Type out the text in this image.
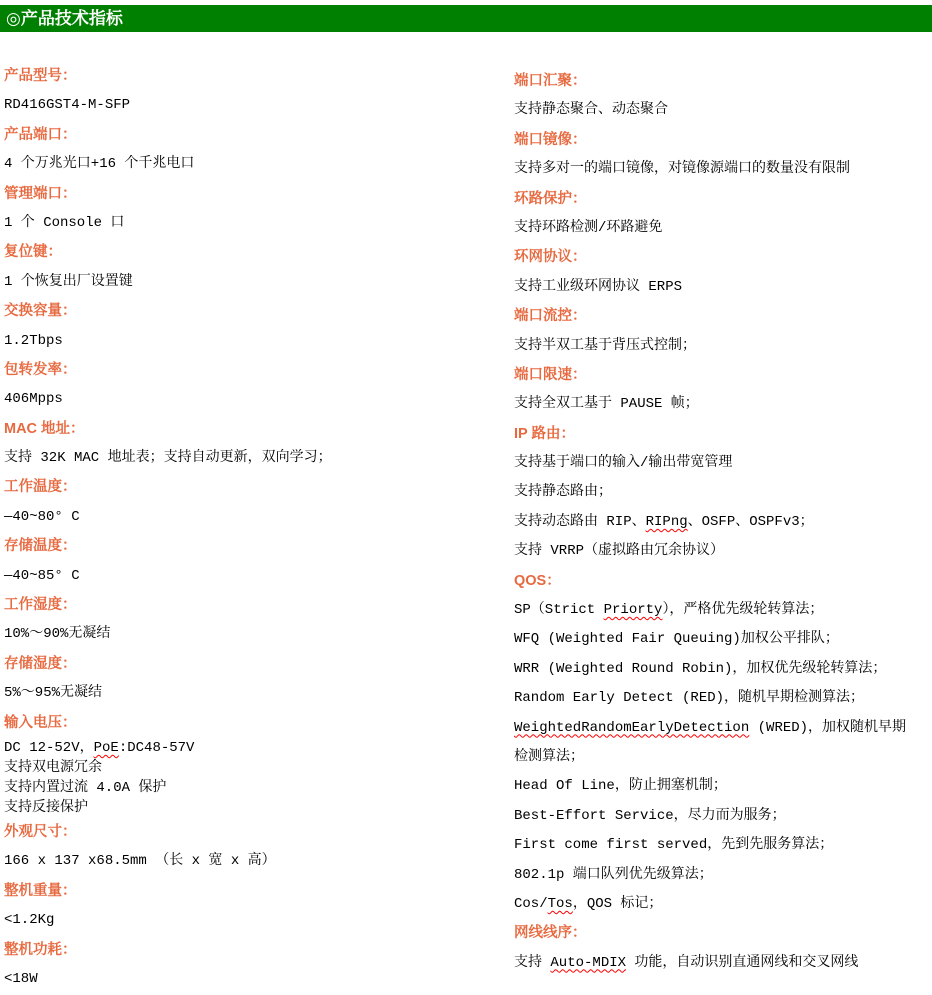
◎产品技术指标
产品型号：
RD416GST4-M-SFP
产品端口：
4 个万兆光口+16 个千兆电口
管理端口：
1 个 Console 口
复位键：
1 个恢复出厂设置键
交换容量：
1.2Tbps
包转发率：
406Mpps
MAC 地址：
支持 32K MAC 地址表；支持自动更新，双向学习；
工作温度：
—40~80° C
存储温度：
—40~85° C
工作湿度：
10%～90%无凝结
存储湿度：
5%～95%无凝结
输入电压：
DC 12-52V，PoE:DC48-57V
支持双电源冗余
支持内置过流 4.0A 保护
支持反接保护
外观尺寸：
166 x 137 x68.5mm （长 x 宽 x 高）
整机重量：
<1.2Kg
整机功耗：
<18W
端口汇聚：
支持静态聚合、动态聚合
端口镜像：
支持多对一的端口镜像，对镜像源端口的数量没有限制
环路保护：
支持环路检测/环路避免
环网协议：
支持工业级环网协议 ERPS
端口流控：
支持半双工基于背压式控制；
端口限速：
支持全双工基于 PAUSE 帧；
IP 路由：
支持基于端口的输入/输出带宽管理
支持静态路由；
支持动态路由 RIP、RIPng、OSFP、OSPFv3；
支持 VRRP（虚拟路由冗余协议）
QOS：
SP（Strict Priorty），严格优先级轮转算法；
WFQ (Weighted Fair Queuing)加权公平排队；
WRR (Weighted Round Robin)，加权优先级轮转算法；
Random Early Detect (RED)，随机早期检测算法；
WeightedRandomEarlyDetection (WRED)，加权随机早期
检测算法；
Head Of Line，防止拥塞机制；
Best-Effort Service，尽力而为服务；
First come first served，先到先服务算法；
802.1p 端口队列优先级算法；
Cos/Tos，QOS 标记；
网线线序：
支持 Auto-MDIX 功能，自动识别直通网线和交叉网线
